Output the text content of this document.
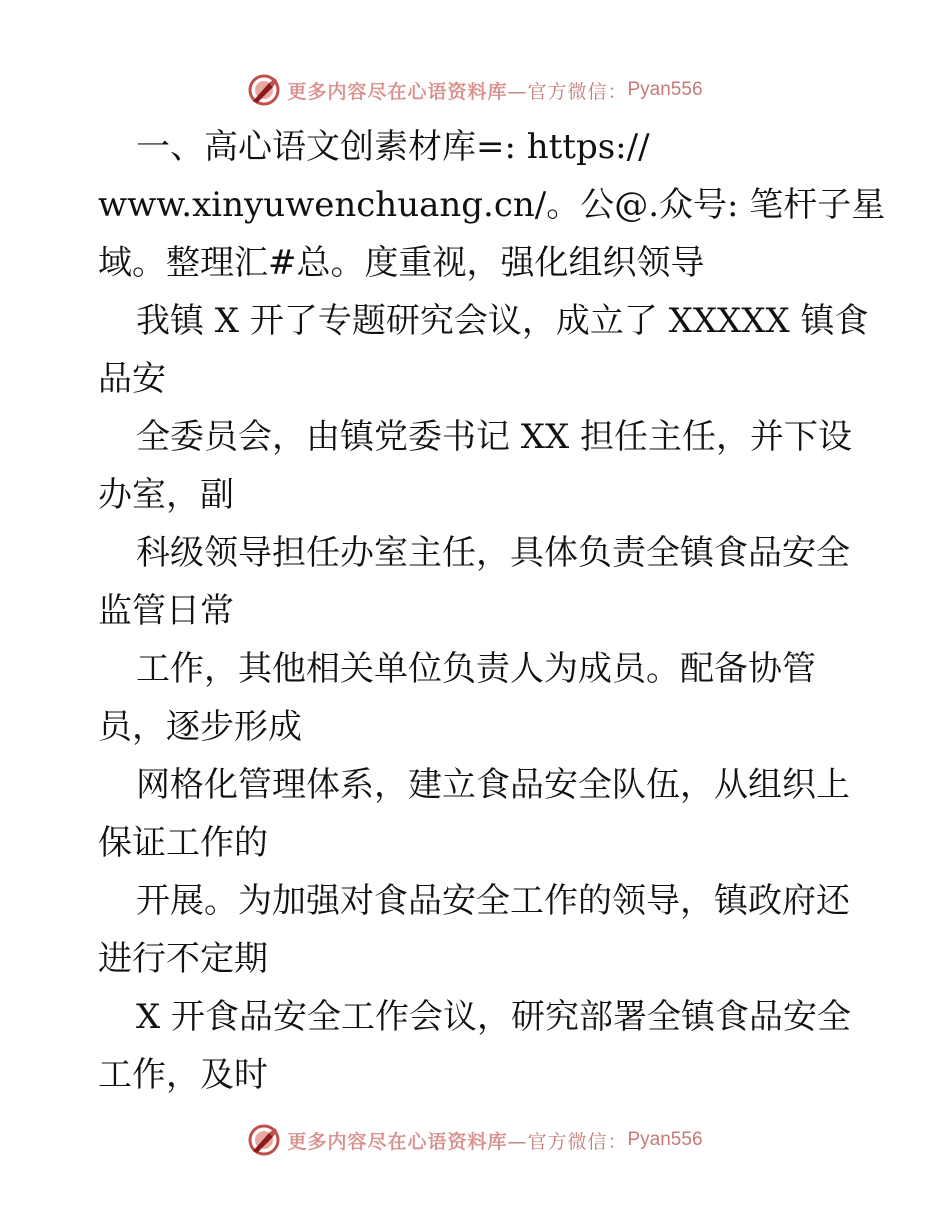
更多内容尽在心语资料库 —官方微信： Pyan556
一、高心语文创素材库=: https://
www.xinyuwenchuang.cn/。公@.众号: 笔杆子星
域。整理汇#总。度重视，强化组织领导
我镇 X 开了专题研究会议，成立了 XXXXX 镇食
品安
全委员会，由镇党委书记 XX 担任主任，并下设
办室，副
科级领导担任办室主任，具体负责全镇食品安全
监管日常
工作，其他相关单位负责人为成员。配备协管
员，逐步形成
网格化管理体系，建立食品安全队伍，从组织上
保证工作的
开展。为加强对食品安全工作的领导，镇政府还
进行不定期
X 开食品安全工作会议，研究部署全镇食品安全
工作，及时
更多内容尽在心语资料库 —官方微信： Pyan556
